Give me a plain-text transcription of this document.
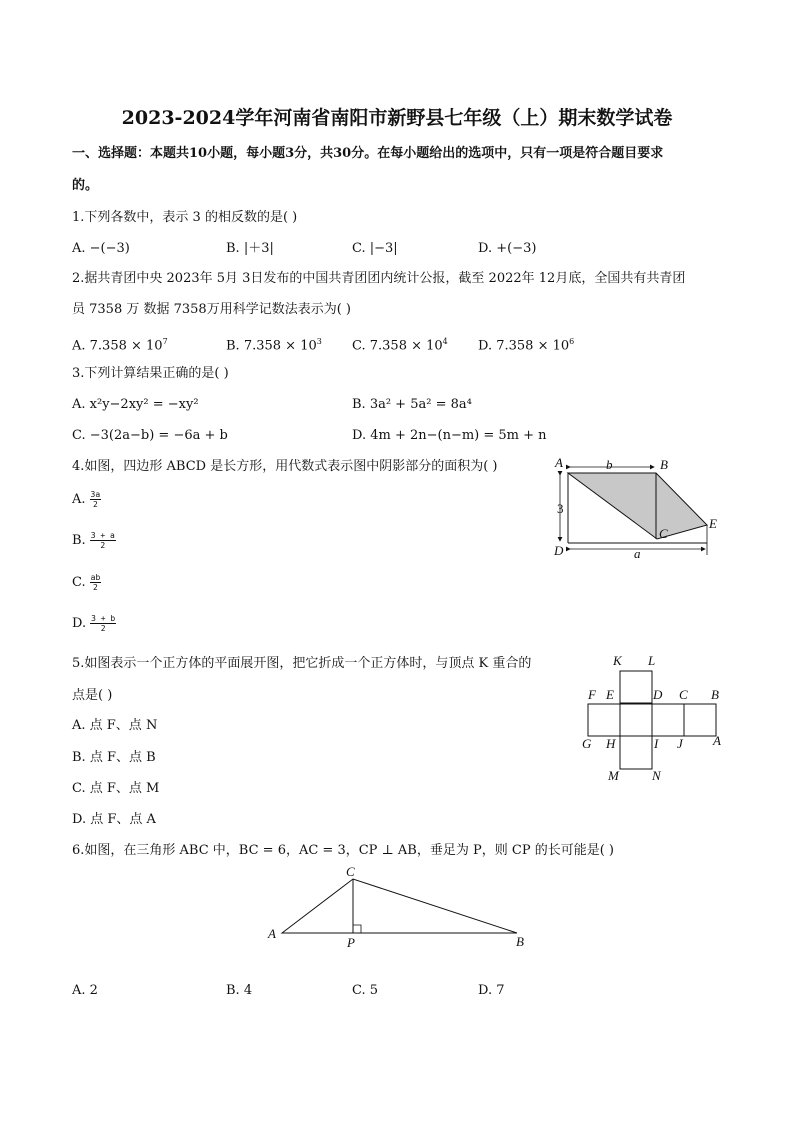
2023-2024学年河南省南阳市新野县七年级（上）期末数学试卷
一、选择题：本题共10小题，每小题3分，共30分。在每小题给出的选项中，只有一项是符合题目要求
的。
1.下列各数中，表示 3 的相反数的是( )
A. −(−3)	B. |＋3|	C. |−3|	D. +(−3)
2.据共青团中央 2023年 5月 3日发布的中国共青团团内统计公报，截至 2022年 12月底，全国共有共青团
员 7358 万 数据 7358万用科学记数法表示为( )
A. $7.358 \times 10^7$	B. $7.358 \times 10^3$ C. $7.358 \times 10^4$ D. $7.358 \times 10^6$
3.下列计算结果正确的是( )
A. x²y−2xy² = −xy²	B. 3a² + 5a² = 8a⁴
C. −3(2a−b) = −6a + b	D. 4m + 2n−(n−m) = 5m + n
4.如图，四边形 ABCD 是长方形，用代数式表示图中阴影部分的面积为( )
A. $\frac{3a}{2}$
B. $\frac{3 + a}{2}$
C. $\frac{ab}{2}$
D. $\frac{3 + b}{2}$
A	B
C
D
E
b
3
a
5.如图表示一个正方体的平面展开图，把它折成一个正方体时，与顶点 K 重合的
点是( )
A. 点 F、点 N
B. 点 F、点 B
C. 点 F、点 M
D. 点 F、点 A
K L
F E	D C B
G H	I J A
M	N
6.如图，在三角形 ABC 中，BC = 6，AC = 3，CP ⊥ AB，垂足为 P，则 CP 的长可能是( )
A
C
P	B
A. 2	B. 4	C. 5	D. 7
